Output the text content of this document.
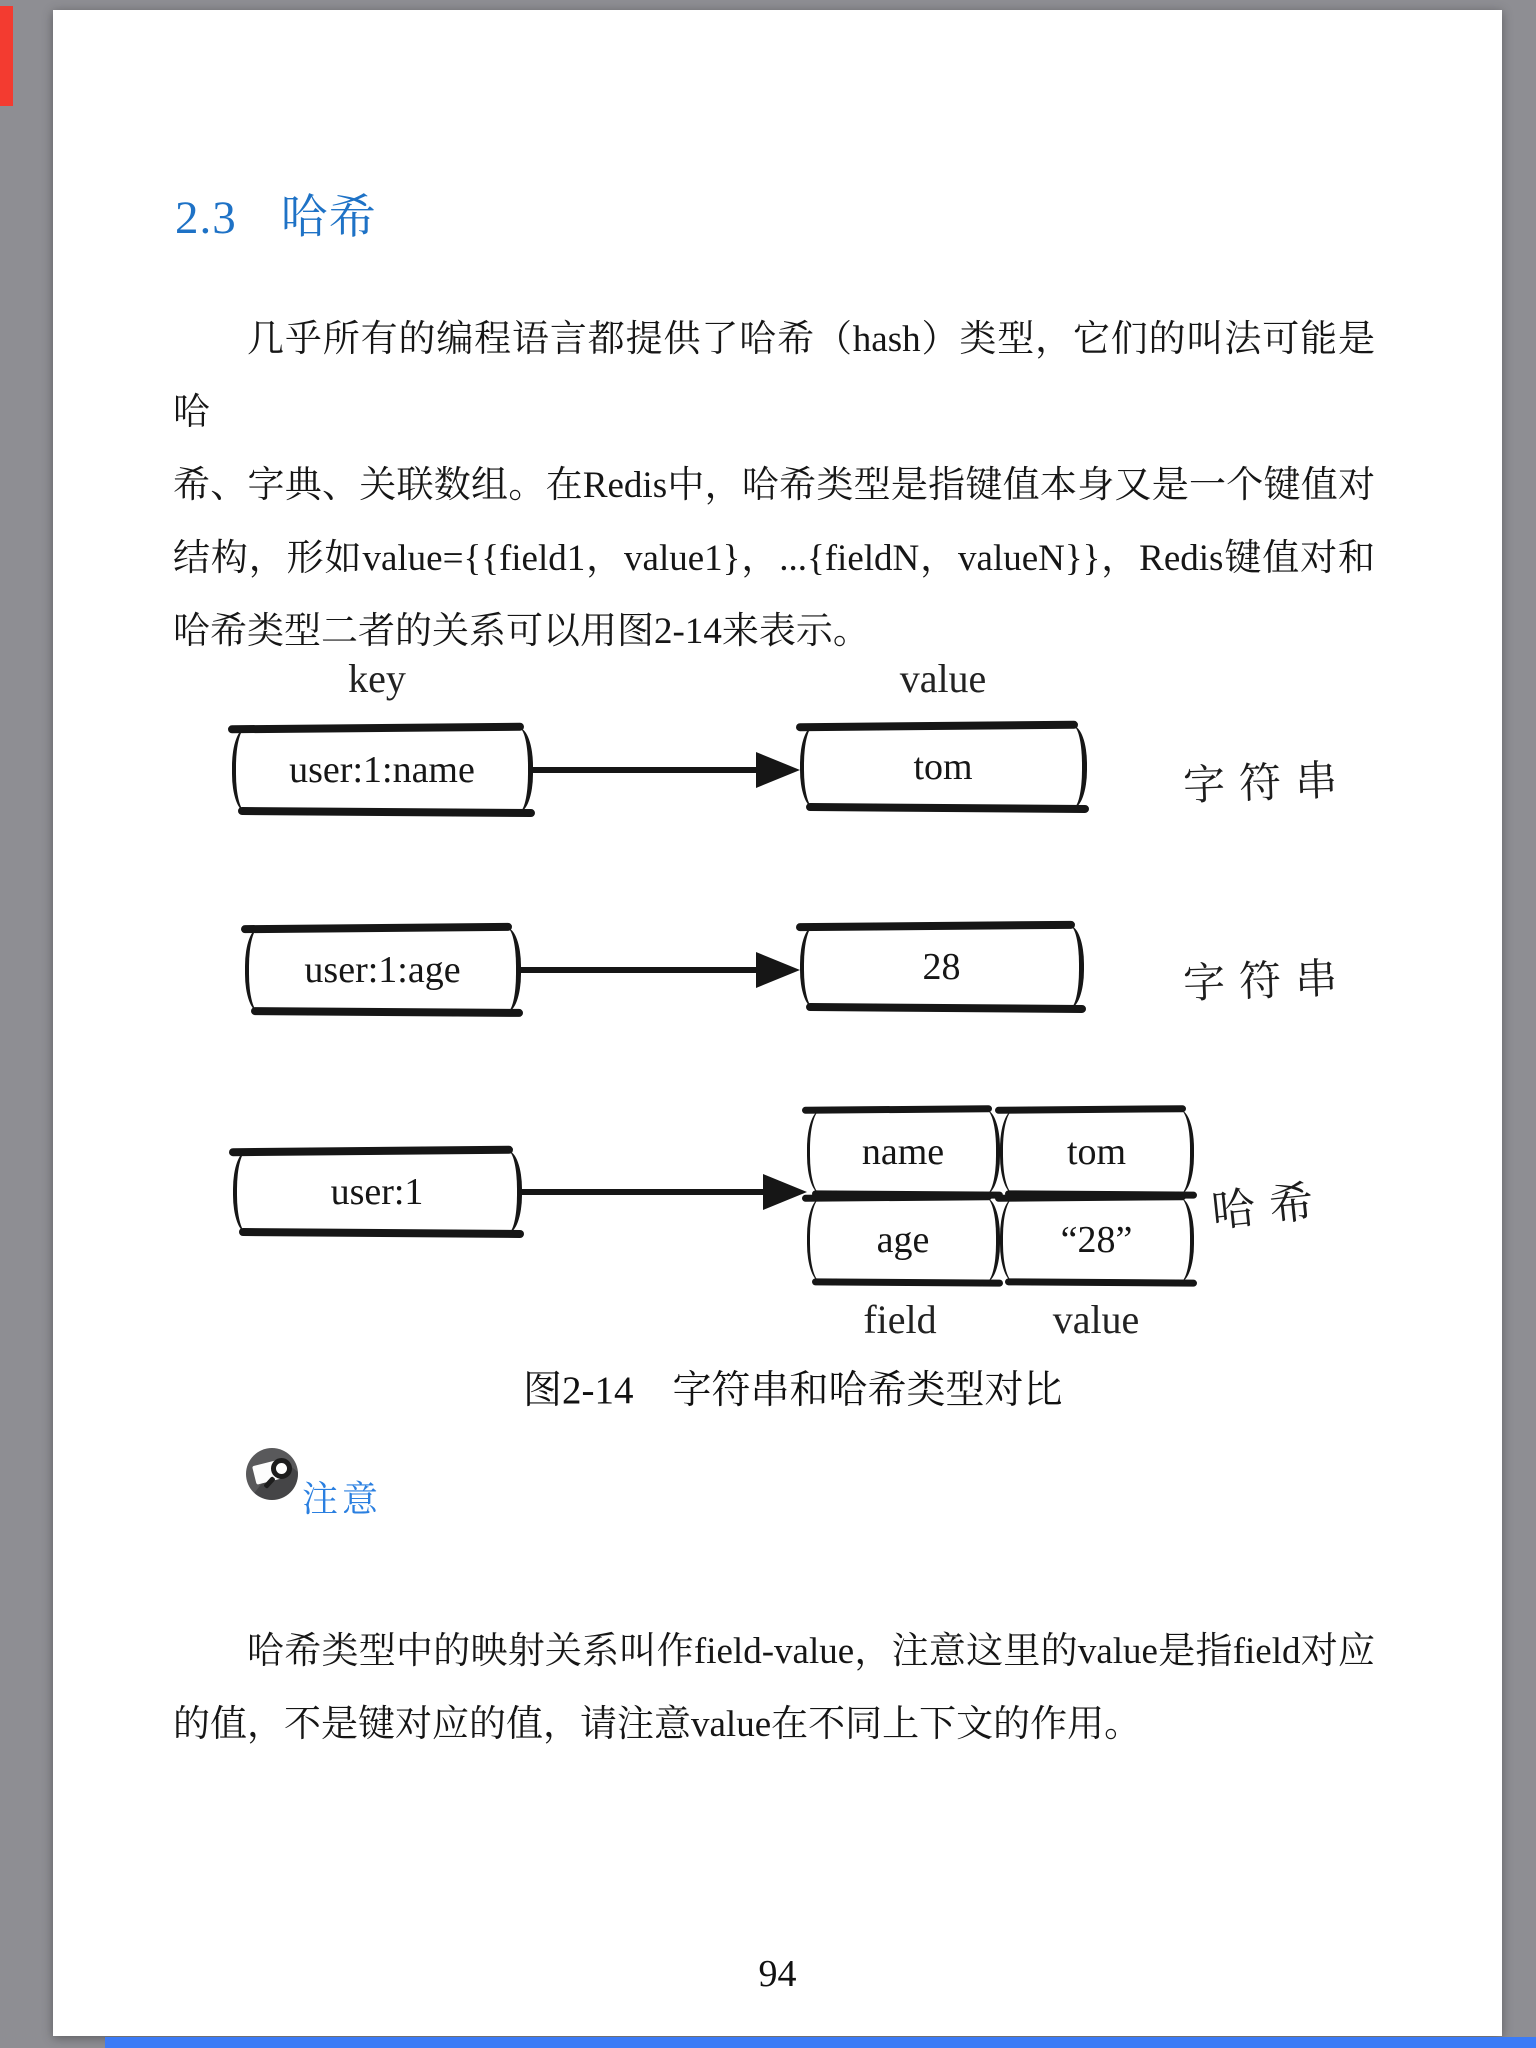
2.3 哈希
几乎所有的编程语言都提供了哈希（hash）类型，它们的叫法可能是哈
希、字典、关联数组。在Redis中，哈希类型是指键值本身又是一个键值对
结构，形如value={{field1，value1}，...{fieldN，valueN}}，Redis键值对和
哈希类型二者的关系可以用图2-14来表示。
key	value
user:1:name	tom	字符串
user:1:age	28	字符串
user:1
name	tom
age	“28”
field	value
哈希
图2-14　字符串和哈希类型对比
注意
哈希类型中的映射关系叫作field-value，注意这里的value是指field对应
的值，不是键对应的值，请注意value在不同上下文的作用。
94
